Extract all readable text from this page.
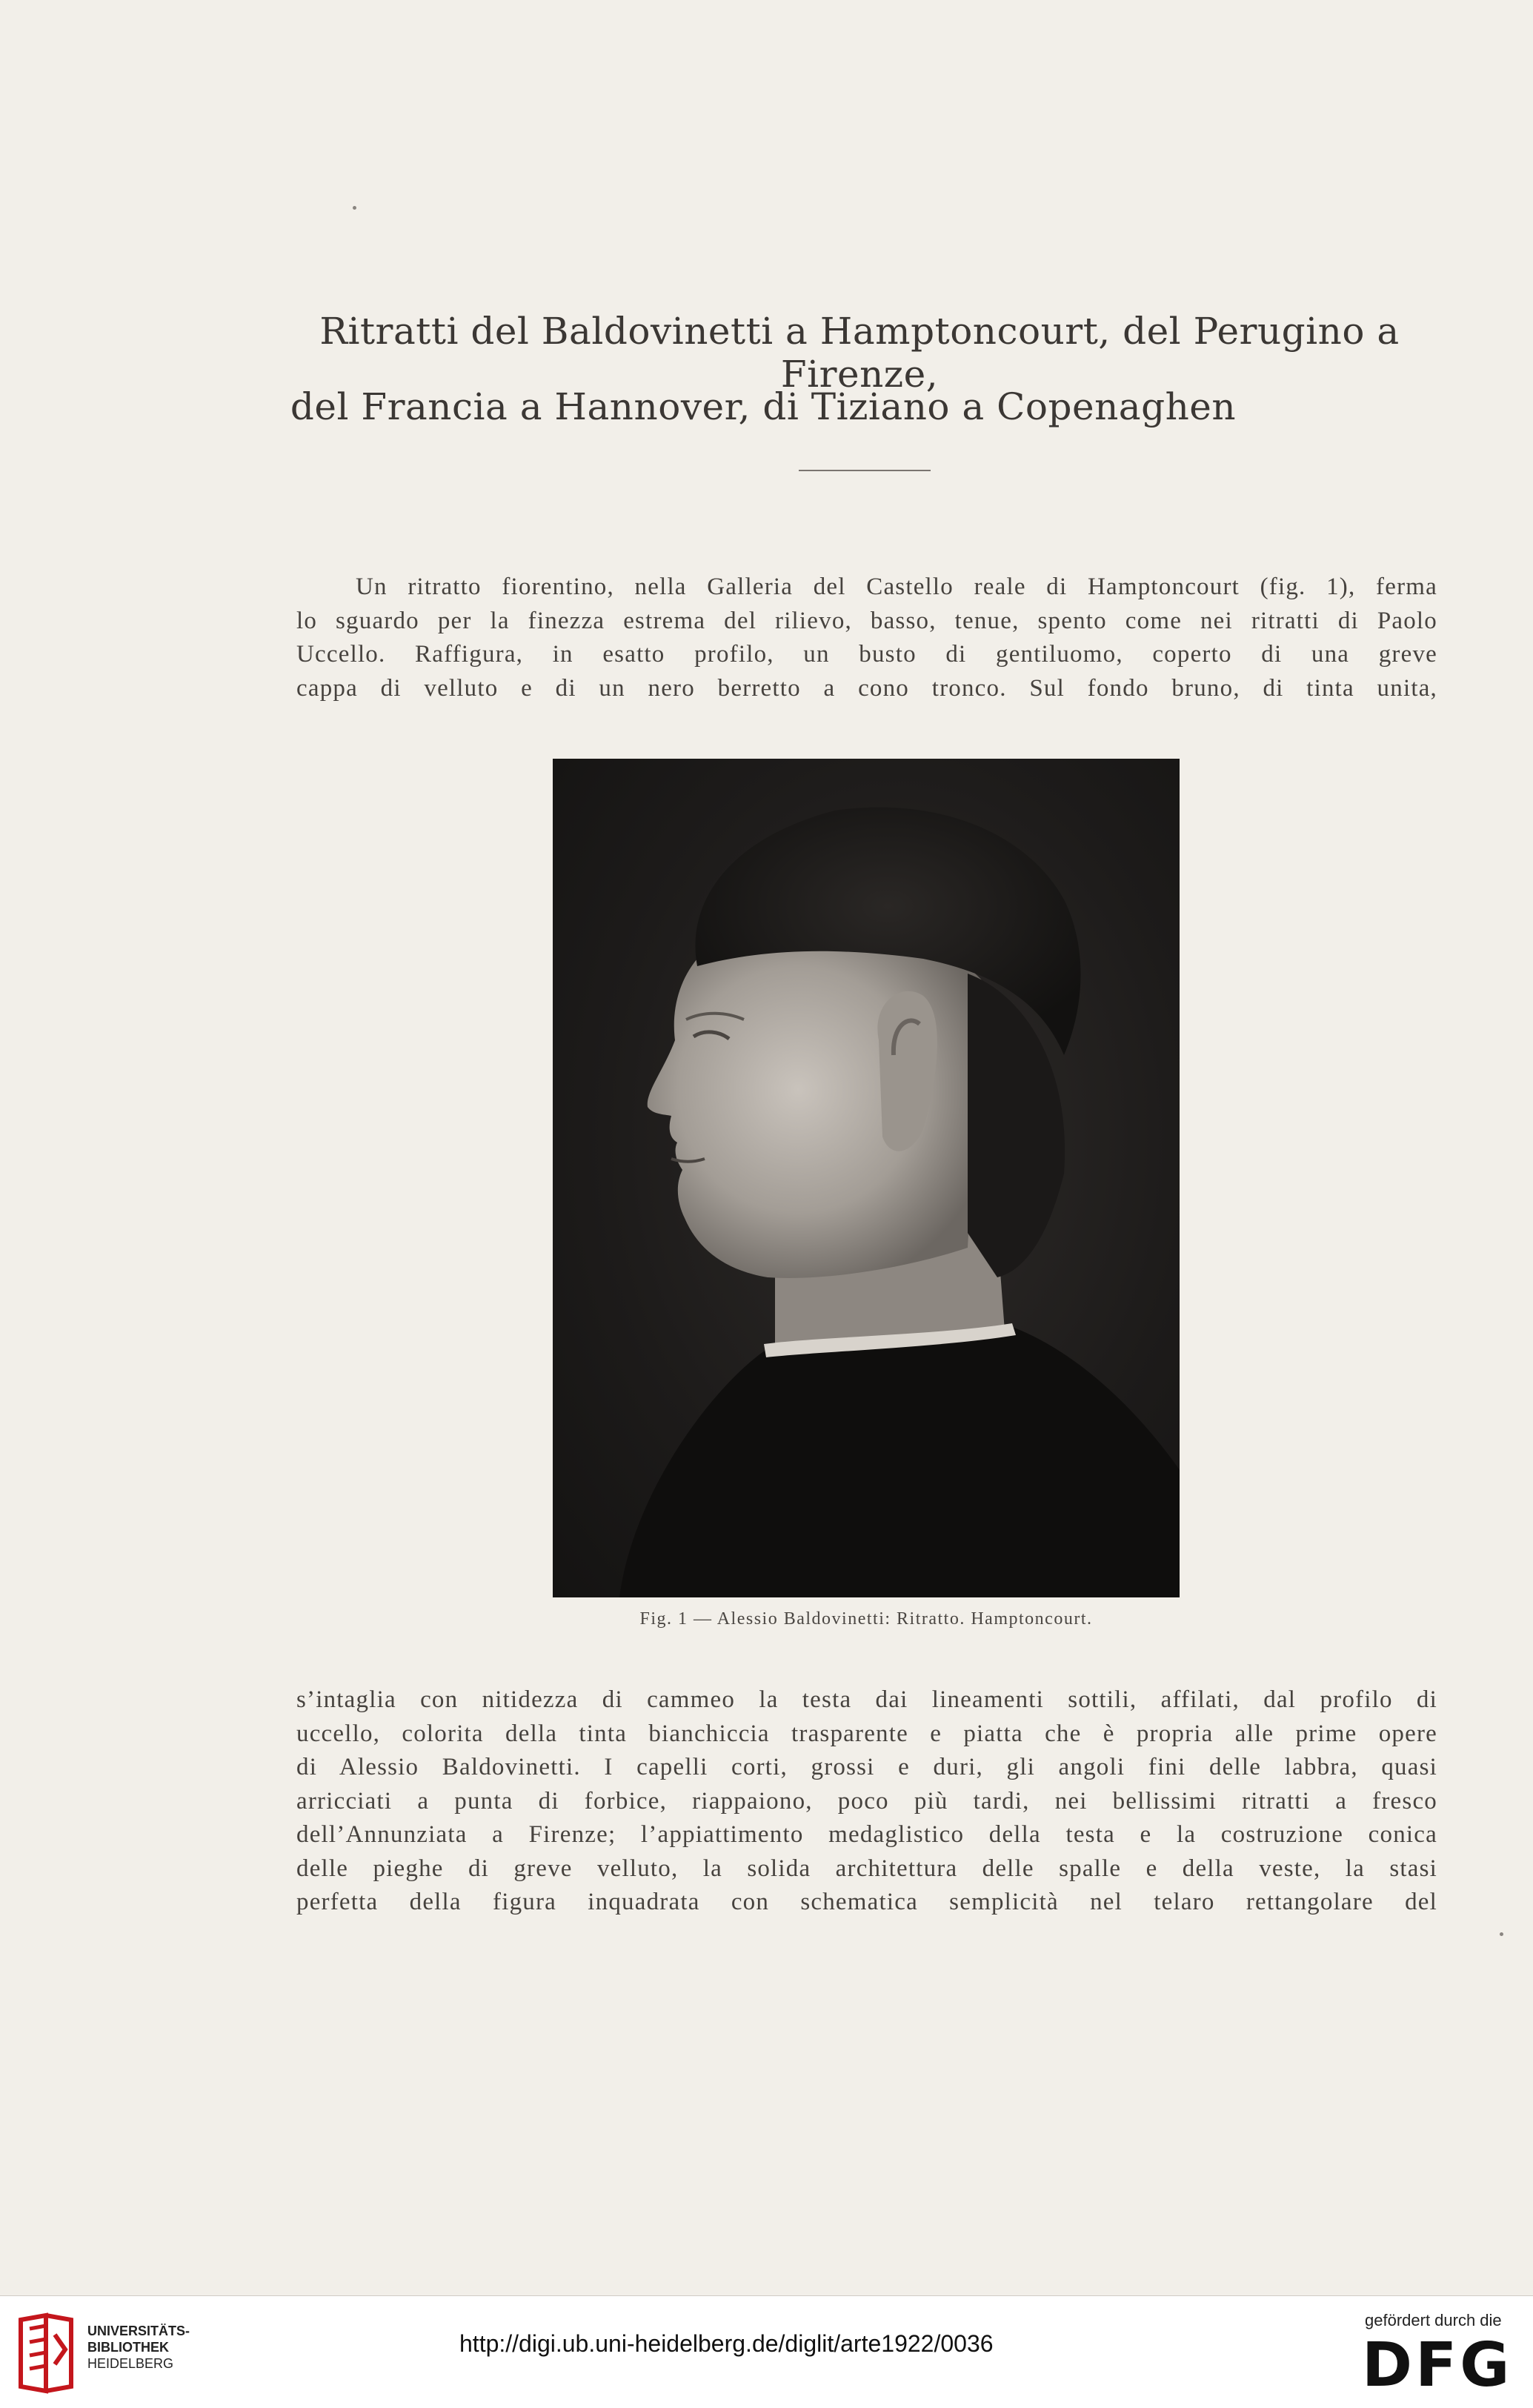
Ritratti del Baldovinetti a Hamptoncourt, del Perugino a Firenze,
del Francia a Hannover, di Tiziano a Copenaghen
Un ritratto fiorentino, nella Galleria del Castello reale di Hamptoncourt (fig. 1), ferma
lo sguardo per la finezza estrema del rilievo, basso, tenue, spento come nei ritratti di Paolo
Uccello. Raffigura, in esatto profilo, un busto di gentiluomo, coperto di una greve
cappa di velluto e di un nero berretto a cono tronco. Sul fondo bruno, di tinta unita,
Fig. 1 — Alessio Baldovinetti: Ritratto. Hamptoncourt.
s’intaglia con nitidezza di cammeo la testa dai lineamenti sottili, affilati, dal profilo di
uccello, colorita della tinta bianchiccia trasparente e piatta che è propria alle prime opere
di Alessio Baldovinetti. I capelli corti, grossi e duri, gli angoli fini delle labbra, quasi
arricciati a punta di forbice, riappaiono, poco più tardi, nei bellissimi ritratti a fresco
dell’Annunziata a Firenze; l’appiattimento medaglistico della testa e la costruzione conica
delle pieghe di greve velluto, la solida architettura delle spalle e della veste, la stasi
perfetta della figura inquadrata con schematica semplicità nel telaro rettangolare del
UNIVERSITÄTS-
BIBLIOTHEK
HEIDELBERG
http://digi.ub.uni-heidelberg.de/diglit/arte1922/0036
gefördert durch die
DFG
